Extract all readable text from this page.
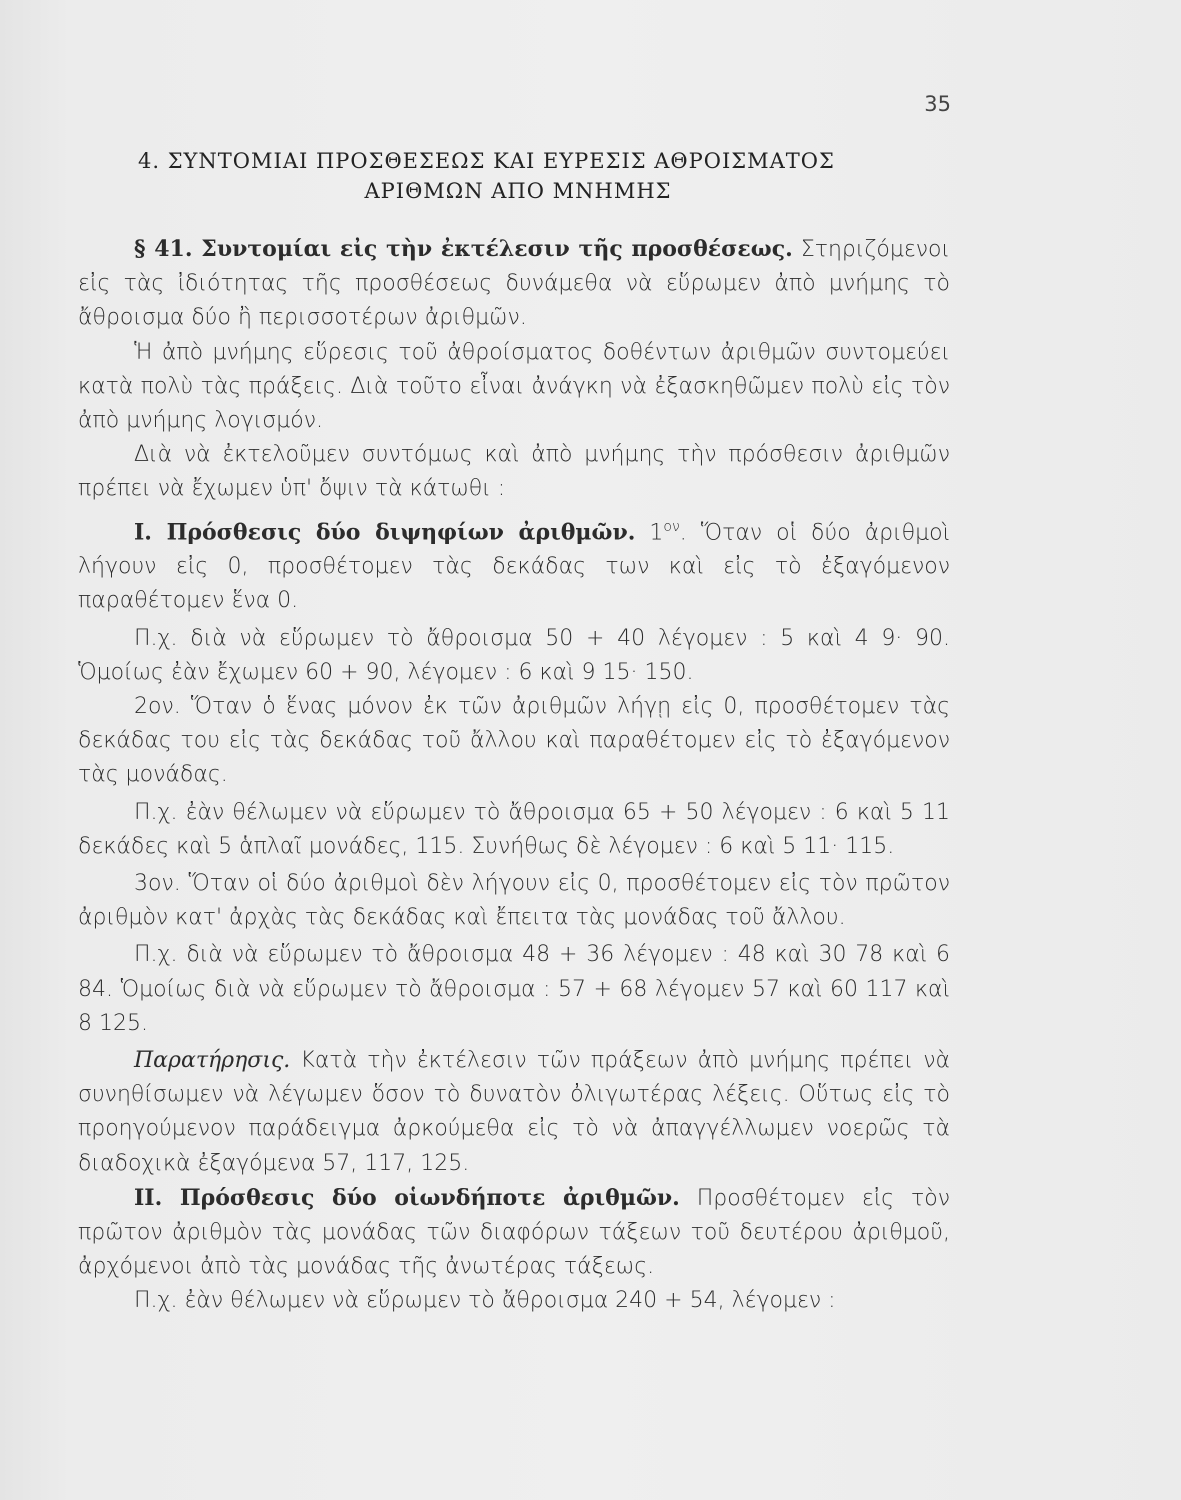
35
4. ΣΥΝΤΟΜΙΑΙ ΠΡΟΣΘΕΣΕΩΣ ΚΑΙ ΕΥΡΕΣΙΣ ΑΘΡΟΙΣΜΑΤΟΣ
ΑΡΙΘΜΩΝ ΑΠΟ ΜΝΗΜΗΣ

§ 41. Συντομίαι εἰς τὴν ἐκτέλεσιν τῆς προσθέσεως. Στηριζόμενοι εἰς τὰς ἰδιότητας τῆς προσθέσεως δυνάμεθα νὰ εὕρωμεν ἀπὸ μνήμης τὸ ἄθροισμα δύο ἢ περισσοτέρων ἀριθμῶν.

Ἡ ἀπὸ μνήμης εὕρεσις τοῦ ἀθροίσματος δοθέντων ἀριθμῶν συντομεύει κατὰ πολὺ τὰς πράξεις. Διὰ τοῦτο εἶναι ἀνάγκη νὰ ἐξασκηθῶμεν πολὺ εἰς τὸν ἀπὸ μνήμης λογισμόν.

Διὰ νὰ ἐκτελοῦμεν συντόμως καὶ ἀπὸ μνήμης τὴν πρόσθεσιν ἀριθμῶν πρέπει νὰ ἔχωμεν ὑπ' ὄψιν τὰ κάτωθι :

I. Πρόσθεσις δύο διψηφίων ἀριθμῶν. $1^{o\nu}$. Ὅταν οἱ δύο ἀριθμοὶ λήγουν εἰς 0, προσθέτομεν τὰς δεκάδας των καὶ εἰς τὸ ἐξαγόμενον παραθέτομεν ἕνα 0.

Π.χ. διὰ νὰ εὕρωμεν τὸ ἄθροισμα 50 + 40 λέγομεν : 5 καὶ 4 9· 90. Ὁμοίως ἐὰν ἔχωμεν 60 + 90, λέγομεν : 6 καὶ 9 15· 150.

2ον. Ὅταν ὁ ἕνας μόνον ἐκ τῶν ἀριθμῶν λήγῃ εἰς 0, προσθέτομεν τὰς δεκάδας του εἰς τὰς δεκάδας τοῦ ἄλλου καὶ παραθέτομεν εἰς τὸ ἐξαγόμενον τὰς μονάδας.

Π.χ. ἐὰν θέλωμεν νὰ εὕρωμεν τὸ ἄθροισμα 65 + 50 λέγομεν : 6 καὶ 5 11 δεκάδες καὶ 5 ἁπλαῖ μονάδες, 115. Συνήθως δὲ λέγομεν : 6 καὶ 5 11· 115.

3ον. Ὅταν οἱ δύο ἀριθμοὶ δὲν λήγουν εἰς 0, προσθέτομεν εἰς τὸν πρῶτον ἀριθμὸν κατ' ἀρχὰς τὰς δεκάδας καὶ ἔπειτα τὰς μονάδας τοῦ ἄλλου.

Π.χ. διὰ νὰ εὕρωμεν τὸ ἄθροισμα 48 + 36 λέγομεν : 48 καὶ 30 78 καὶ 6 84. Ὁμοίως διὰ νὰ εὕρωμεν τὸ ἄθροισμα : 57 + 68 λέγομεν 57 καὶ 60 117 καὶ 8 125.

Παρατήρησις. Κατὰ τὴν ἐκτέλεσιν τῶν πράξεων ἀπὸ μνήμης πρέπει νὰ συνηθίσωμεν νὰ λέγωμεν ὅσον τὸ δυνατὸν ὀλιγωτέρας λέξεις. Οὕτως εἰς τὸ προηγούμενον παράδειγμα ἀρκούμεθα εἰς τὸ νὰ ἀπαγγέλλωμεν νοερῶς τὰ διαδοχικὰ ἐξαγόμενα 57, 117, 125.

II. Πρόσθεσις δύο οἱωνδήποτε ἀριθμῶν. Προσθέτομεν εἰς τὸν πρῶτον ἀριθμὸν τὰς μονάδας τῶν διαφόρων τάξεων τοῦ δευτέρου ἀριθμοῦ, ἀρχόμενοι ἀπὸ τὰς μονάδας τῆς ἀνωτέρας τάξεως.

Π.χ. ἐὰν θέλωμεν νὰ εὕρωμεν τὸ ἄθροισμα 240 + 54, λέγομεν :
